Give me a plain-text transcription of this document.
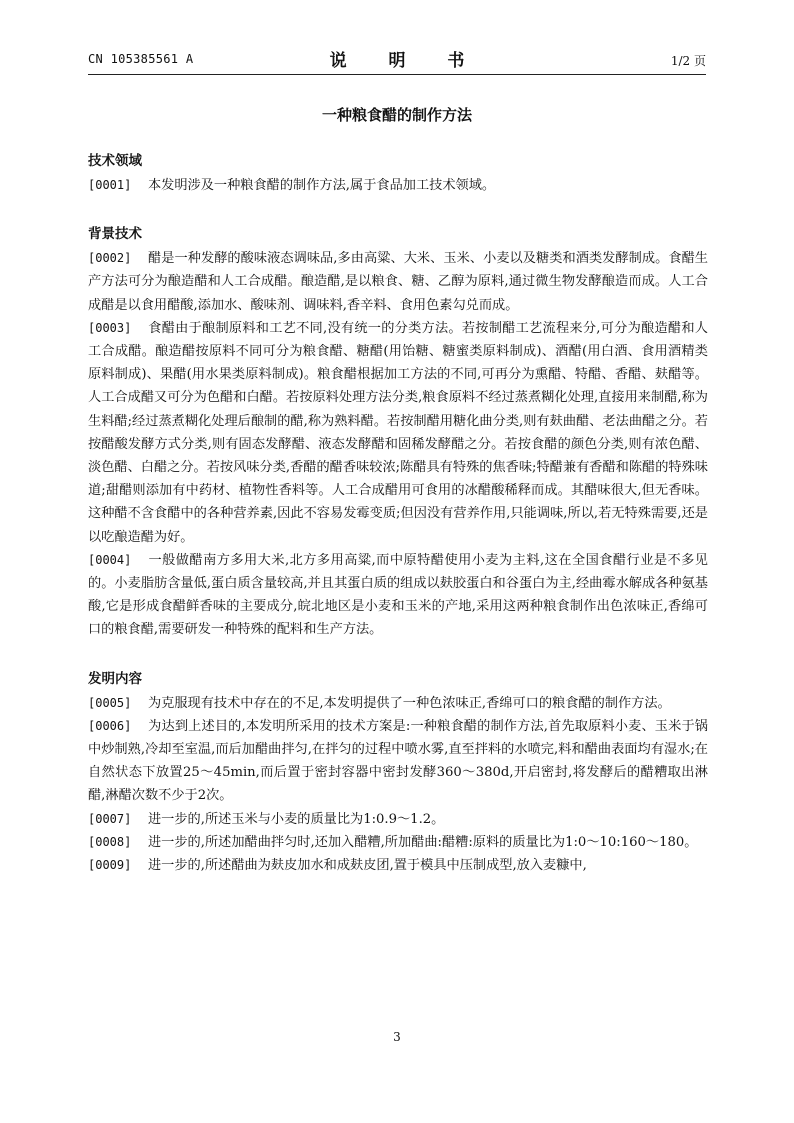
CN 105385561 A	说 明 书	1/2 页
一种粮食醋的制作方法
技术领域

[0001] 本发明涉及一种粮食醋的制作方法,属于食品加工技术领域。

背景技术

[0002] 醋是一种发酵的酸味液态调味品,多由高粱、大米、玉米、小麦以及糖类和酒类发酵制成。食醋生产方法可分为酿造醋和人工合成醋。酿造醋,是以粮食、糖、乙醇为原料,通过微生物发酵酿造而成。人工合成醋是以食用醋酸,添加水、酸味剂、调味料,香辛料、食用色素勾兑而成。

[0003] 食醋由于酿制原料和工艺不同,没有统一的分类方法。若按制醋工艺流程来分,可分为酿造醋和人工合成醋。酿造醋按原料不同可分为粮食醋、糖醋(用饴糖、糖蜜类原料制成)、酒醋(用白酒、食用酒精类原料制成)、果醋(用水果类原料制成)。粮食醋根据加工方法的不同,可再分为熏醋、特醋、香醋、麸醋等。人工合成醋又可分为色醋和白醋。若按原料处理方法分类,粮食原料不经过蒸煮糊化处理,直接用来制醋,称为生料醋;经过蒸煮糊化处理后酿制的醋,称为熟料醋。若按制醋用糖化曲分类,则有麸曲醋、老法曲醋之分。若按醋酸发酵方式分类,则有固态发酵醋、液态发酵醋和固稀发酵醋之分。若按食醋的颜色分类,则有浓色醋、淡色醋、白醋之分。若按风味分类,香醋的醋香味较浓;陈醋具有特殊的焦香味;特醋兼有香醋和陈醋的特殊味道;甜醋则添加有中药材、植物性香料等。人工合成醋用可食用的冰醋酸稀释而成。其醋味很大,但无香味。这种醋不含食醋中的各种营养素,因此不容易发霉变质;但因没有营养作用,只能调味,所以,若无特殊需要,还是以吃酿造醋为好。

[0004] 一般做醋南方多用大米,北方多用高粱,而中原特醋使用小麦为主料,这在全国食醋行业是不多见的。小麦脂肪含量低,蛋白质含量较高,并且其蛋白质的组成以麸胶蛋白和谷蛋白为主,经曲霉水解成各种氨基酸,它是形成食醋鲜香味的主要成分,皖北地区是小麦和玉米的产地,采用这两种粮食制作出色浓味正,香绵可口的粮食醋,需要研发一种特殊的配料和生产方法。

发明内容

[0005] 为克服现有技术中存在的不足,本发明提供了一种色浓味正,香绵可口的粮食醋的制作方法。

[0006] 为达到上述目的,本发明所采用的技术方案是:一种粮食醋的制作方法,首先取原料小麦、玉米于锅中炒制熟,冷却至室温,而后加醋曲拌匀,在拌匀的过程中喷水雾,直至拌料的水喷完,料和醋曲表面均有湿水;在自然状态下放置25～45min,而后置于密封容器中密封发酵360～380d,开启密封,将发酵后的醋糟取出淋醋,淋醋次数不少于2次。

[0007] 进一步的,所述玉米与小麦的质量比为1:0.9～1.2。

[0008] 进一步的,所述加醋曲拌匀时,还加入醋糟,所加醋曲:醋糟:原料的质量比为1:0～10:160～180。

[0009] 进一步的,所述醋曲为麸皮加水和成麸皮团,置于模具中压制成型,放入麦糠中,

3
